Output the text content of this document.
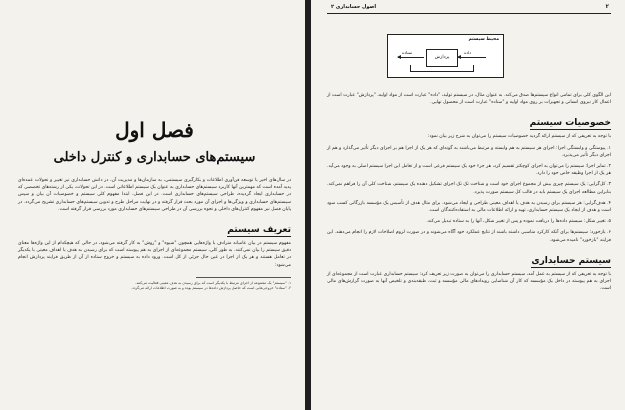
فصل اول
سیستم‌های حسابداری و کنترل داخلی

در سال‌های اخیر با توسعه فن‌آوری اطلاعات و بکارگیری سیستمی، به سازمان‌ها و مدیریت آن، در دانش حسابداری نیز تغییر و تحولات عمده‌ای پدید آمده است که مهمترین آنها کاربرد سیستم‌های حسابداری به عنوان یک سیستم اطلاعاتی است. در این تحولات، یکی از رشته‌های تخصصی که در حسابداری ایجاد گردیده، طراحی سیستم‌های حسابداری است. در این فصل، ابتدا مفهوم کلی سیستم و خصوصیات آن بیان و سپس سیستم‌های حسابداری و ویژگی‌ها و اجزای آن مورد بحث قرار گرفته و در نهایت مراحل طرح و تدوین سیستم‌های حسابداری تشریح می‌گردد. در پایان فصل نیز مفهوم کنترل‌های داخلی و نحوه بررسی آن در طراحی سیستم‌های حسابداری مورد بررسی قرار گرفته است.

تعریف سیستم

مفهوم سیستم در بیان عامیانه مترادف با واژه‌هایی همچون "شیوه" و "روش" به کار گرفته می‌شود، در حالی که هیچکدام از این واژه‌ها معنای دقیق سیستم را بیان نمی‌کنند. به طور کلی، سیستم مجموعه‌ای از اجزای به هم پیوسته است که برای رسیدن به هدف یا اهداف معینی با یکدیگر در تعامل هستند و هر یک از اجزا در عین حال جزئی از کل است. ورود داده به سیستم و خروج ستاده از آن از طریق فرایند پردازش انجام می‌شود:

۱. "سیستم" یک مجموعه از اجزای مرتبط با یکدیگر است که برای رسیدن به هدف معینی فعالیت می‌کنند.

۲. "ستاده" خروجی‌هایی است که حاصل پردازش داده‌ها در سیستم بوده و به صورت اطلاعات ارائه می‌گردد.

۲
اصول حسابداری ۲
محیط سیستم
پردازش
داده
ستاده

این الگوی کلی برای تمامی انواع سیستم‌ها صدق می‌کند. به عنوان مثال، در سیستم تولید، "داده" عبارت است از مواد اولیه، "پردازش" عبارت است از اعمال کار نیروی انسانی و تجهیزات بر روی مواد اولیه و "ستاده" عبارت است از محصول نهایی.

خصوصیات سیستم

با توجه به تعریفی که از سیستم ارائه گردید خصوصیات سیستم را می‌توان به شرح زیر بیان نمود:

۱. پیوستگی و وابستگی اجزا: اجزای هر سیستم به هم وابسته و مرتبط می‌باشند به گونه‌ای که هر یک از اجزا هم بر اجزای دیگر تأثیر می‌گذارد و هم از اجزای دیگر تأثیر می‌پذیرد.

۲. تمایز اجزا: سیستم را می‌توان به اجزای کوچکتر تقسیم کرد، هر جزء خود یک سیستم فرعی است و از تعامل این اجزا سیستم اصلی به وجود می‌آید. هر یک از اجزا وظیفه خاص خود را دارد.

۳. کل‌گرایی: یک سیستم چیزی بیش از مجموع اجزای خود است و شناخت تک تک اجزای تشکیل دهنده یک سیستم، شناخت کلی آن را فراهم نمی‌کند. بنابراین مطالعه اجزای یک سیستم باید در قالب کل سیستم صورت پذیرد.

۴. هدف‌گرایی: هر سیستم برای رسیدن به هدف یا اهداف معینی طراحی و ایجاد می‌شود. برای مثال هدف از تأسیس یک مؤسسه بازرگانی کسب سود است و هدف از ایجاد یک سیستم حسابداری، تهیه و ارائه اطلاعات مالی به استفاده‌کنندگان است.

۵. تغییر شکل: سیستم داده‌ها را دریافت نموده و پس از تغییر شکل، آنها را به ستاده تبدیل می‌کند.

۶. بازخورد: سیستم‌ها برای آنکه کارکرد مناسبی داشته باشند از نتایج عملکرد خود آگاه می‌شوند و در صورت لزوم اصلاحات لازم را انجام می‌دهند. این فرایند "بازخورد" نامیده می‌شود.

سیستم حسابداری

با توجه به تعریفی که از سیستم به عمل آمد، سیستم حسابداری را می‌توان به صورت زیر تعریف کرد: سیستم حسابداری عبارت است از مجموعه‌ای از اجزای به هم پیوسته در داخل یک مؤسسه که کار آن شناسایی رویدادهای مالی مؤسسه و ثبت، طبقه‌بندی و تلخیص آنها به صورت گزارش‌های مالی است.
